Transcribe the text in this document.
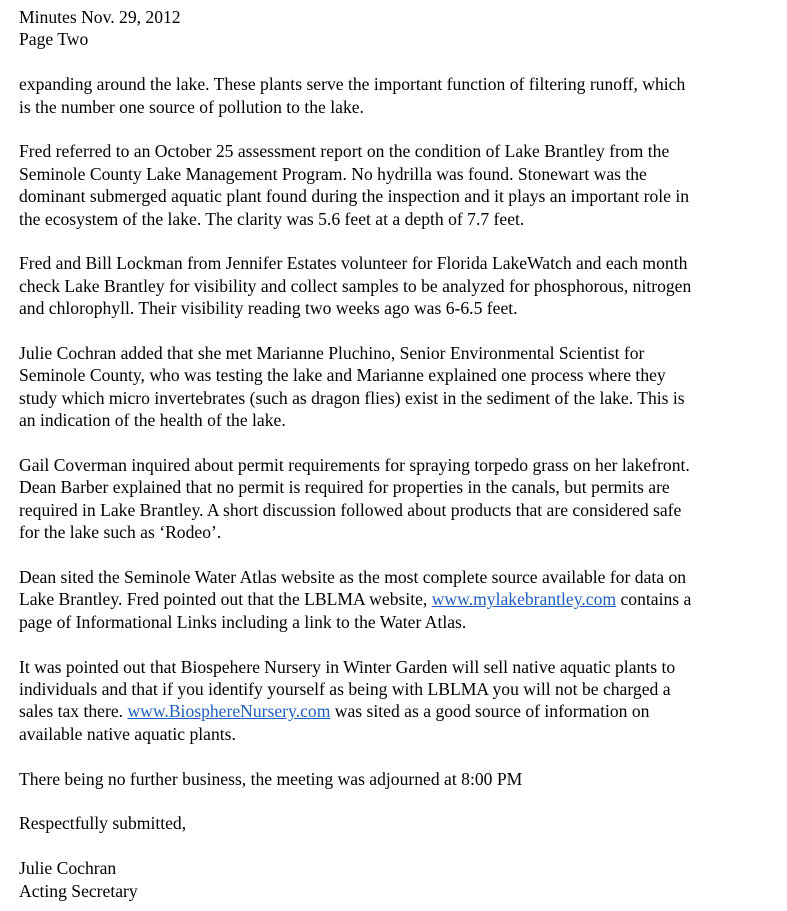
Minutes Nov. 29, 2012
Page Two

expanding around the lake. These plants serve the important function of filtering runoff, which
is the number one source of pollution to the lake.

Fred referred to an October 25 assessment report on the condition of Lake Brantley from the
Seminole County Lake Management Program. No hydrilla was found. Stonewart was the
dominant submerged aquatic plant found during the inspection and it plays an important role in
the ecosystem of the lake. The clarity was 5.6 feet at a depth of 7.7 feet.

Fred and Bill Lockman from Jennifer Estates volunteer for Florida LakeWatch and each month
check Lake Brantley for visibility and collect samples to be analyzed for phosphorous, nitrogen
and chlorophyll. Their visibility reading two weeks ago was 6-6.5 feet.

Julie Cochran added that she met Marianne Pluchino, Senior Environmental Scientist for
Seminole County, who was testing the lake and Marianne explained one process where they
study which micro invertebrates (such as dragon flies) exist in the sediment of the lake. This is
an indication of the health of the lake.

Gail Coverman inquired about permit requirements for spraying torpedo grass on her lakefront.
Dean Barber explained that no permit is required for properties in the canals, but permits are
required in Lake Brantley. A short discussion followed about products that are considered safe
for the lake such as ‘Rodeo’.

Dean sited the Seminole Water Atlas website as the most complete source available for data on
Lake Brantley. Fred pointed out that the LBLMA website, www.mylakebrantley.com contains a
page of Informational Links including a link to the Water Atlas.

It was pointed out that Biospehere Nursery in Winter Garden will sell native aquatic plants to
individuals and that if you identify yourself as being with LBLMA you will not be charged a
sales tax there. www.BiosphereNursery.com was sited as a good source of information on
available native aquatic plants.

There being no further business, the meeting was adjourned at 8:00 PM

Respectfully submitted,

Julie Cochran

Acting Secretary
